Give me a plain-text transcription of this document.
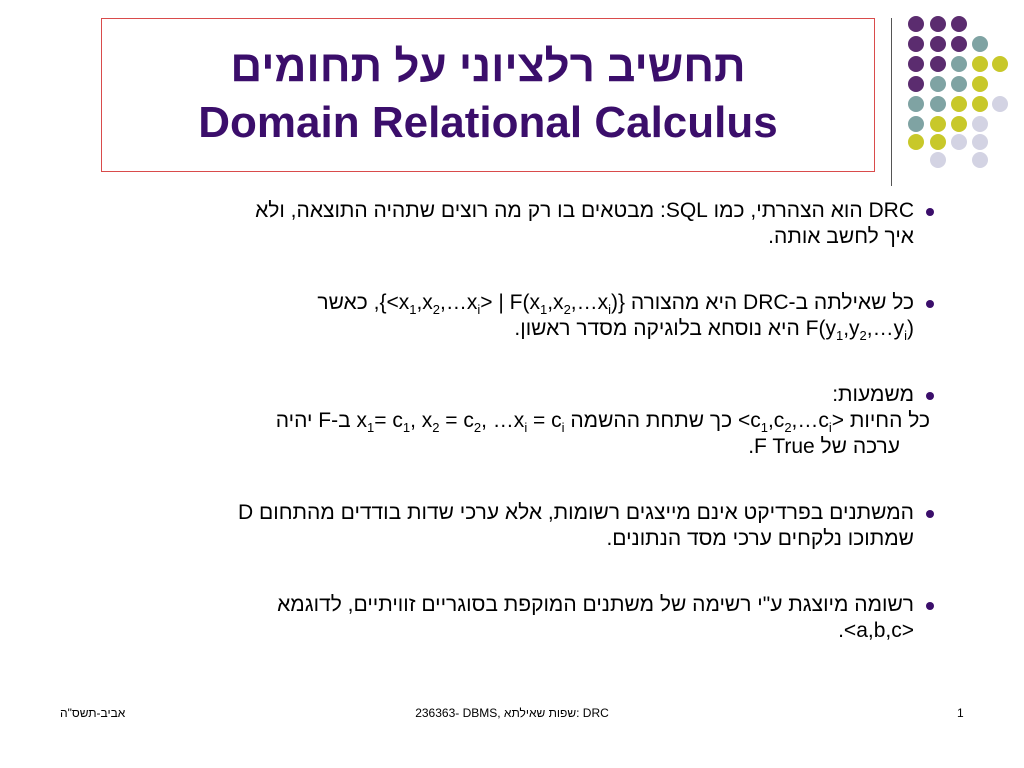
תחשיב רלציוני על תחומים
Domain Relational Calculus
DRC הוא הצהרתי, כמו SQL: מבטאים בו רק מה רוצים שתהיה התוצאה, ולא
איך לחשב אותה.
כל שאילתה ב-DRC היא מהצורה {$<x_1,x_2,\dots x_i>$ | $F(x_1,x_2,\dots x_i)$}, כאשר
$F(y_1,y_2,\dots y_i)$ היא נוסחא בלוגיקה מסדר ראשון.
משמעות:
כל החיות $<c_1,c_2,\dots c_i>$ כך שתחת ההשמה $x_1= c_1$, $x_2 = c_2$, $\dots x_i = c_i$ ב-F יהיה
ערכה של F True.
המשתנים בפרדיקט אינם מייצגים רשומות, אלא ערכי שדות בודדים מהתחום D
שמתוכו נלקחים ערכי מסד הנתונים.
רשומה מיוצגת ע"י רשימה של משתנים המוקפת בסוגריים זוויתיים, לדוגמא
<a,b,c>.
אביב-תשס"ה	236363- DBMS, שפות שאילתא: DRC	1
